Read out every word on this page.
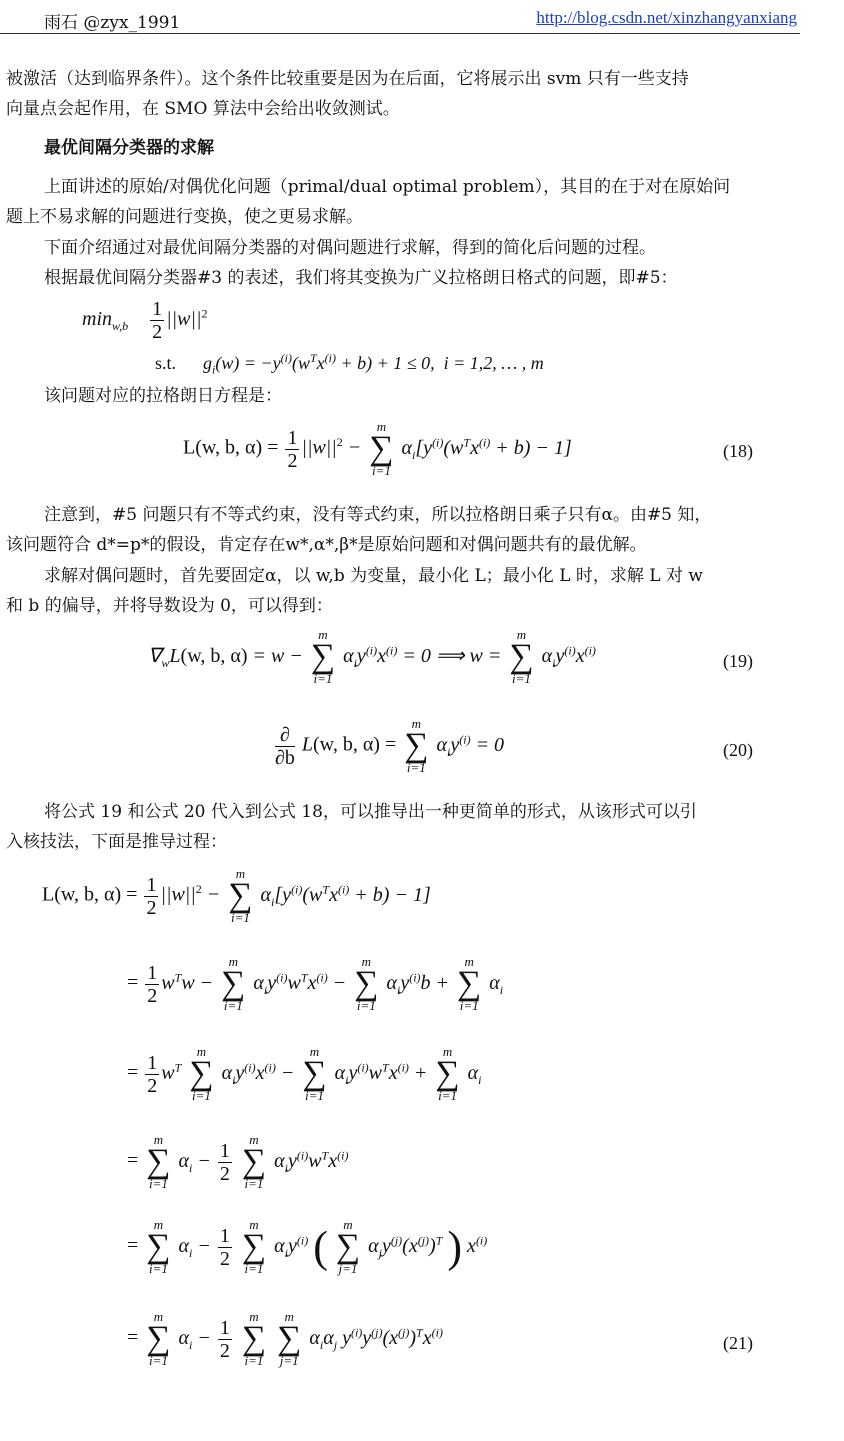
雨石 @zyx_1991	http://blog.csdn.net/xinzhangyanxiang
被激活（达到临界条件）。这个条件比较重要是因为在后面，它将展示出 svm 只有一些支持
向量点会起作用，在 SMO 算法中会给出收敛测试。
最优间隔分类器的求解
上面讲述的原始/对偶优化问题（primal/dual optimal problem），其目的在于对在原始问
题上不易求解的问题进行变换，使之更易求解。
下面介绍通过对最优间隔分类器的对偶问题进行求解，得到的简化后问题的过程。
根据最优间隔分类器#3 的表述，我们将其变换为广义拉格朗日格式的问题，即#5：
$\min_{w,b} \frac{1}{2} ||w||^2$
s.t. $g_i(w) = -y^{(i)}(w^Tx^{(i)} + b) + 1 \le 0$,  i = 1,2, … , m
该问题对应的拉格朗日方程是：
L(w, b, $\alpha) = \frac{1}{2} ||w||^2$ −
m
∑
i=1
$\alpha_i[y^{(i)}(w^Tx^{(i)} + b) - 1]$	(18)
注意到，#5 问题只有不等式约束，没有等式约束，所以拉格朗日乘子只有α。由#5 知，
该问题符合 d*=p*的假设，肯定存在w*,α*,β*是原始问题和对偶问题共有的最优解。
求解对偶问题时，首先要固定α，以 w,b 为变量，最小化 L；最小化 L 时，求解 L 对 w
和 b 的偏导，并将导数设为 0，可以得到：
$\nabla_wL(w$, b, α) = w −
m
∑
i=1
$\alpha_iy^{(i)}x^{(i)} = 0$ ⟹ w =
m
∑
i=1
$\alpha_iy^{(i)}x^{(i)}$
(19)
$\frac{\partial}{\partial b} L(w$, b, α) =
m
∑
i=1
$\alpha_iy^{(i)} = 0$	(20)
将公式 19 和公式 20 代入到公式 18，可以推导出一种更简单的形式，从该形式可以引
入核技法，下面是推导过程：
L(w, b, $\alpha) = \frac{1}{2} ||w||^2$ −
m
∑
i=1
$\alpha_i[y^{(i)}(w^Tx^{(i)} + b) - 1]$
= $\frac{1}{2} w^Tw$ −
m
∑
i=1
$\alpha_iy^{(i)}w^Tx^{(i)}$ −
m
∑
i=1
$\alpha_iy^{(i)}b$ +
m
∑
i=1
$\alpha_i$
= $\frac{1}{2} w^T$
m
∑
i=1
$\alpha_iy^{(i)}x^{(i)}$ −
m
∑
i=1
$\alpha_iy^{(i)}w^Tx^{(i)}$ +
m
∑
i=1
$\alpha_i$
=
m
∑
i=1
$\alpha_i - \frac{1}{2}$
	m
∑
i=1
$\alpha_iy^{(i)}w^Tx^{(i)}$
=
m
∑
i=1
$\alpha_i - \frac{1}{2}$
	m
∑
i=1
$\alpha_iy^{(i)}$ (	m
∑
j=1
$\alpha_jy^{(j)}(x^{(j)})^T$ ) $x^{(i)}$
=
m
∑
i=1
$\alpha_i - \frac{1}{2}$
	m
∑
i=1

m
∑
j=1
$\alpha_i\alpha_j$ $y^{(i)}y^{(j)}(x^{(j)})^Tx^{(i)}$
(21)
